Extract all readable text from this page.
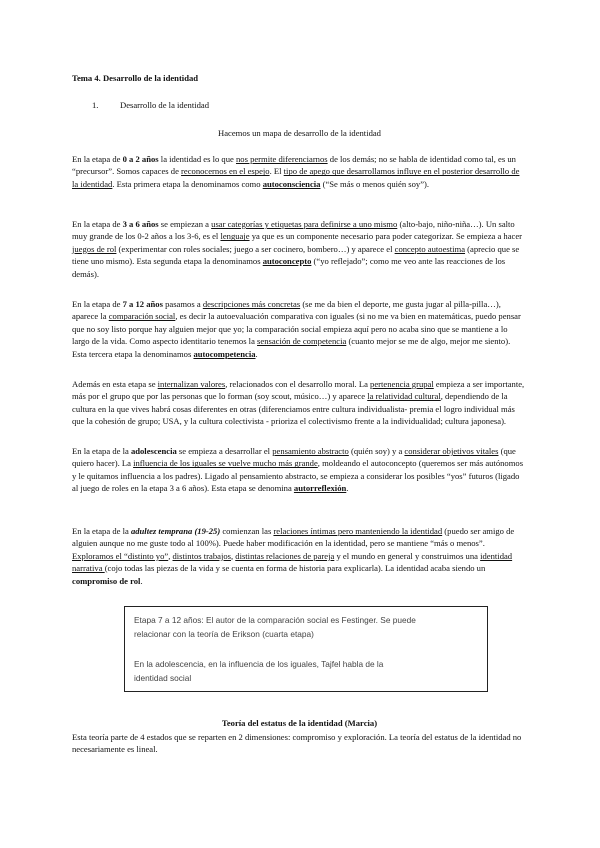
Tema 4. Desarrollo de la identidad
1.	Desarrollo de la identidad
Hacemos un mapa de desarrollo de la identidad
En la etapa de 0 a 2 años la identidad es lo que nos permite diferenciarnos de los demás; no se habla de identidad como tal, es un “precursor”. Somos capaces de reconocernos en el espejo. El tipo de apego que desarrollamos influye en el posterior desarrollo de la identidad. Esta primera etapa la denominamos como autoconsciencia (“Se más o menos quién soy”).
En la etapa de 3 a 6 años se empiezan a usar categorías y etiquetas para definirse a uno mismo (alto-bajo, niño-niña…). Un salto muy grande de los 0-2 años a los 3-6, es el lenguaje ya que es un componente necesario para poder categorizar. Se empieza a hacer juegos de rol (experimentar con roles sociales; juego a ser cocinero, bombero…) y aparece el concepto autoestima (aprecio que se tiene uno mismo). Esta segunda etapa la denominamos autoconcepto (“yo reflejado”; como me veo ante las reacciones de los demás).
En la etapa de 7 a 12 años pasamos a descripciones más concretas (se me da bien el deporte, me gusta jugar al pilla-pilla…), aparece la comparación social, es decir la autoevaluación comparativa con iguales (si no me va bien en matemáticas, puedo pensar que no soy listo porque hay alguien mejor que yo; la comparación social empieza aquí pero no acaba sino que se mantiene a lo largo de la vida. Como aspecto identitario tenemos la sensación de competencia (cuanto mejor se me de algo, mejor me siento). Esta tercera etapa la denominamos autocompetencia.
Además en esta etapa se internalizan valores, relacionados con el desarrollo moral. La pertenencia grupal empieza a ser importante, más por el grupo que por las personas que lo forman (soy scout, músico…) y aparece la relatividad cultural, dependiendo de la cultura en la que vives habrá cosas diferentes en otras (diferenciamos entre cultura individualista- premia el logro individual más que la cohesión de grupo; USA, y la cultura colectivista - prioriza el colectivismo frente a la individualidad; cultura japonesa).
En la etapa de la adolescencia se empieza a desarrollar el pensamiento abstracto (quién soy) y a considerar objetivos vitales (que quiero hacer). La influencia de los iguales se vuelve mucho más grande, moldeando el autoconcepto (queremos ser más autónomos y le quitamos influencia a los padres). Ligado al pensamiento abstracto, se empieza a considerar los posibles “yos” futuros (ligado al juego de roles en la etapa 3 a 6 años). Esta etapa se denomina autorreflexión.
En la etapa de la adultez temprana (19-25) comienzan las relaciones íntimas pero manteniendo la identidad (puedo ser amigo de alguien aunque no me guste todo al 100%). Puede haber modificación en la identidad, pero se mantiene “más o menos”. Exploramos el “distinto yo”, distintos trabajos, distintas relaciones de pareja y el mundo en general y construimos una identidad narrativa (cojo todas las piezas de la vida y se cuenta en forma de historia para explicarla). La identidad acaba siendo un compromiso de rol.
Etapa 7 a 12 años: El autor de la comparación social es Festinger. Se puede
relacionar con la teoría de Erikson (cuarta etapa)
En la adolescencia, en la influencia de los iguales, Tajfel habla de la
identidad social
Teoría del estatus de la identidad (Marcia)
Esta teoría parte de 4 estados que se reparten en 2 dimensiones: compromiso y exploración. La teoría del estatus de la identidad no necesariamente es lineal.
